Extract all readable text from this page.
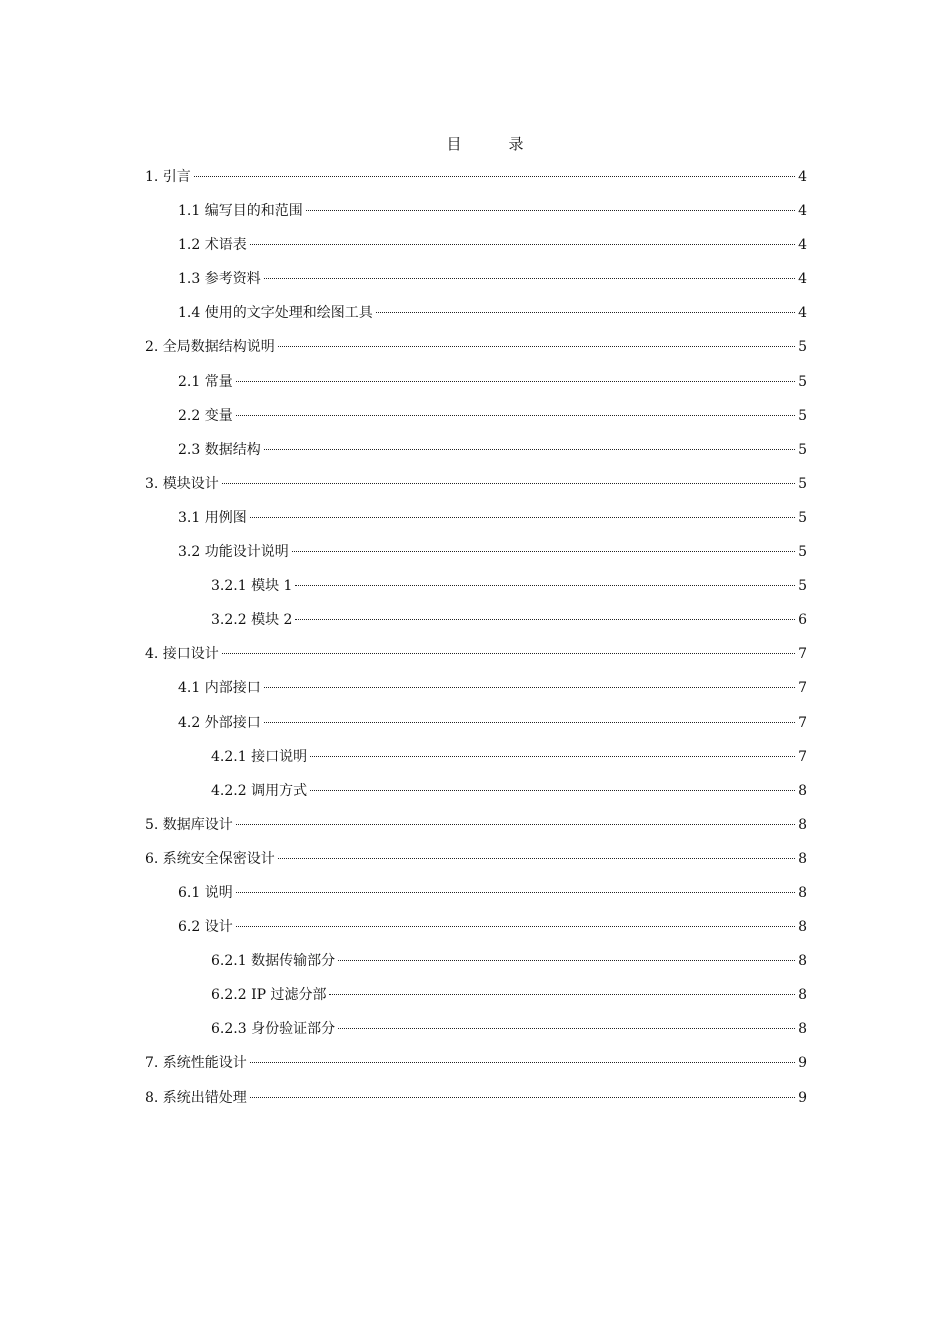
目　录
1. 引言	4
1.1 编写目的和范围	4
1.2 术语表	4
1.3 参考资料	4
1.4 使用的文字处理和绘图工具	4
2. 全局数据结构说明	5
2.1 常量	5
2.2 变量	5
2.3 数据结构	5
3. 模块设计	5
3.1 用例图	5
3.2 功能设计说明	5
3.2.1 模块 1	5
3.2.2 模块 2	6
4. 接口设计	7
4.1 内部接口	7
4.2 外部接口	7
4.2.1 接口说明	7
4.2.2 调用方式	8
5. 数据库设计	8
6. 系统安全保密设计	8
6.1 说明	8
6.2 设计	8
6.2.1 数据传输部分	8
6.2.2 IP 过滤分部	8
6.2.3 身份验证部分	8
7. 系统性能设计	9
8. 系统出错处理	9
